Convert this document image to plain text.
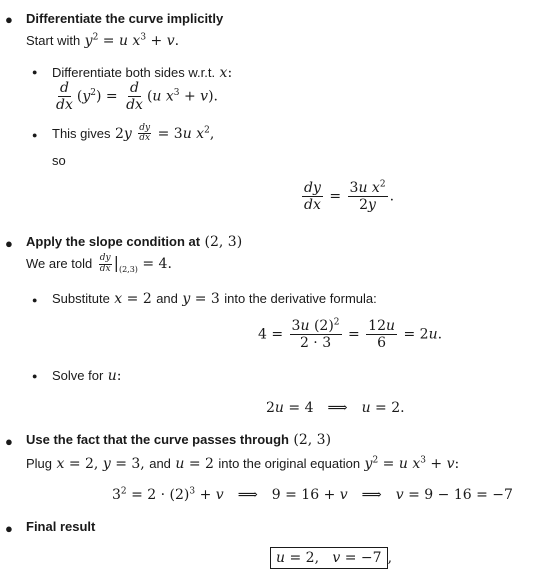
● Differentiate the curve implicitly
Start with $y^2 = u$ $x^3 + v$.
● Differentiate both sides w.r.t. x:
$\frac{d}{dx} (y^2) = \frac{d}{dx} (u$ $x^3 + v$).
● This gives $2y \frac{dy}{dx} = 3u$ $x^2$,
so
$\frac{dy}{dx} = \frac{3u x^2}{2y}$ .
● Apply the slope condition at (2, 3)
We are told $\frac{dy}{dx} |_{(2,3)} = 4$.
● Substitute x = 2 and y = 3 into the derivative formula:
$4 = \frac{3u (2)^2}{2 \cdot 3} = \frac{12u}{6} = 2u$.
● Solve for u:
2u = 4 ⟹ u = 2.
● Use the fact that the curve passes through (2, 3)
Plug x = 2, y = 3, and u = 2 into the original equation $y^2 = u$ $x^3 + v$:
$3^2 = 2 \cdot (2)^3 + v$ ⟹ 9 = 16 + v ⟹ v = 9 − 16 = −7
● Final result
u = 2,   v = −7 ,
